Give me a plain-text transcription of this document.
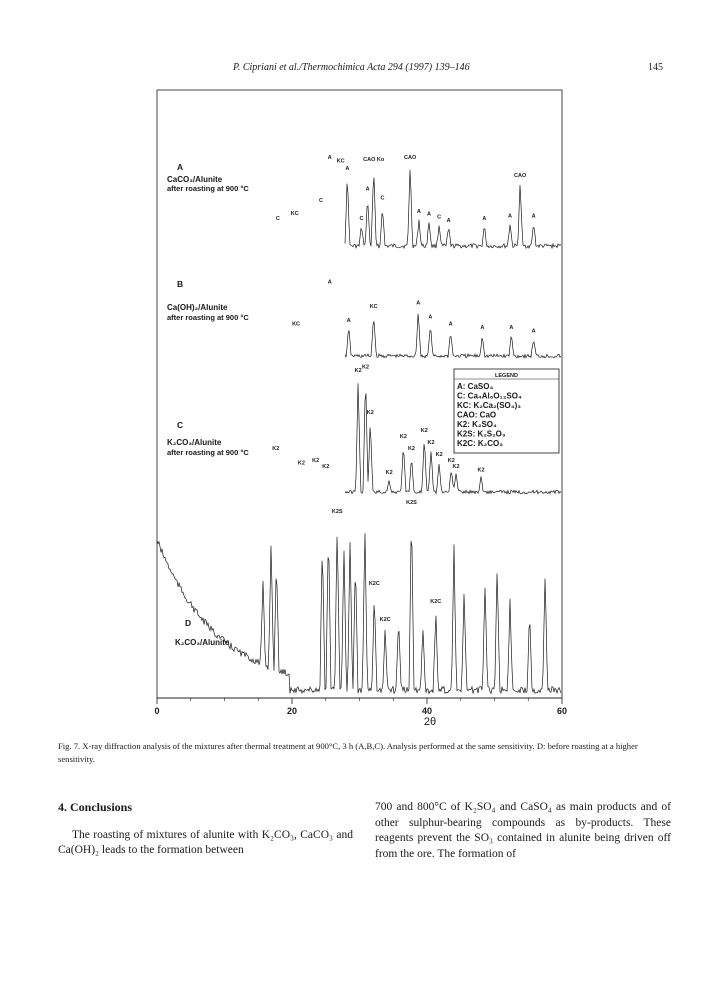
P. Cipriani et al./Thermochimica Acta 294 (1997) 139–146	145
0	20	40	60
C
KC
C
A
KC
A
C
A
CAO Ko
C
CAO
A A C
A	A	A
CAO
A
KC
A
A
KC
A
A
A
A	A
A
K2
K2 K2
K2
K2
K2
K2
K2
K2
K2
K2
K2
K2
K2
K2
K2
K2S
K2C
K2C
K2S
K2C
LEGEND
A: CaSO₄
C: Ca₄Al₆O₁₂SO₄
KC: K₂Ca₂(SO₄)₃
CAO: CaO
K2: K₂SO₄
K2S: K₂S₂O₃
K2C: K₂CO₃
A
CaCO₃/Alunite
after roasting at 900 °C
B
Ca(OH)₂/Alunite
after roasting at 900 °C
C
K₂CO₃/Alunite
after roasting at 900 °C
D
K₂CO₃/Alunite
2θ
Fig. 7. X-ray diffraction analysis of the mixtures after thermal treatment at 900°C, 3 h (A,B,C). Analysis performed at the same sensitivity. D: before roasting at a higher sensitivity.
4. Conclusions

The roasting of mixtures of alunite with K₂CO₃, CaCO₃ and Ca(OH)₂ leads to the formation between

700 and 800°C of K₂SO₄ and CaSO₄ as main products and of other sulphur-bearing compounds as by-products. These reagents prevent the SO₃ contained in alunite being driven off from the ore. The formation of
